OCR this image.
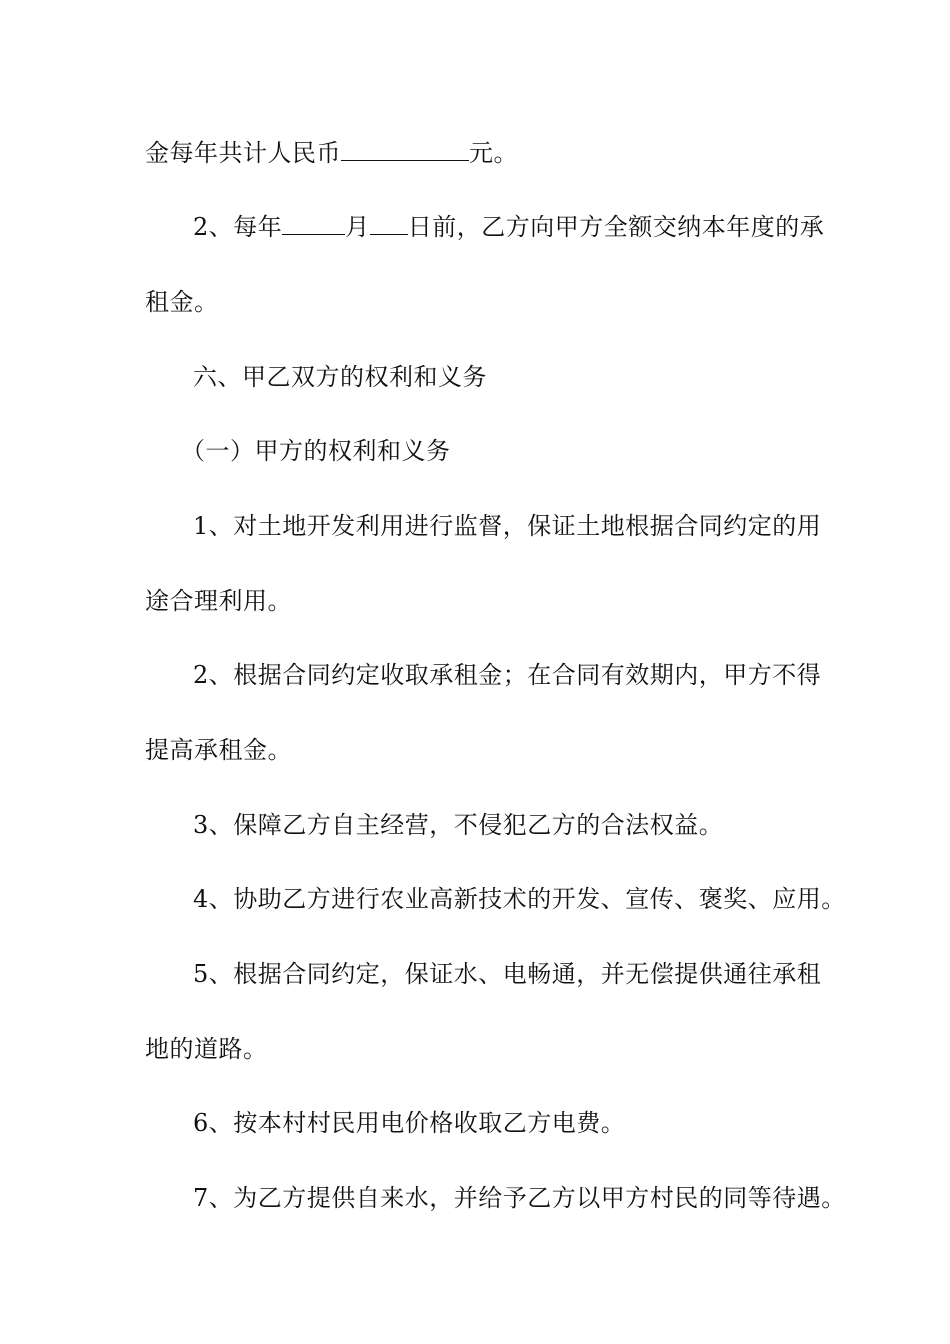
金每年共计人民币	元。
2、每年	月 日前，乙方向甲方全额交纳本年度的承
租金。
六、甲乙双方的权利和义务
（一）甲方的权利和义务
1、对土地开发利用进行监督，保证土地根据合同约定的用
途合理利用。
2、根据合同约定收取承租金；在合同有效期内，甲方不得
提高承租金。
3、保障乙方自主经营，不侵犯乙方的合法权益。
4、协助乙方进行农业高新技术的开发、宣传、褒奖、应用。
5、根据合同约定，保证水、电畅通，并无偿提供通往承租
地的道路。
6、按本村村民用电价格收取乙方电费。
7、为乙方提供自来水，并给予乙方以甲方村民的同等待遇。
